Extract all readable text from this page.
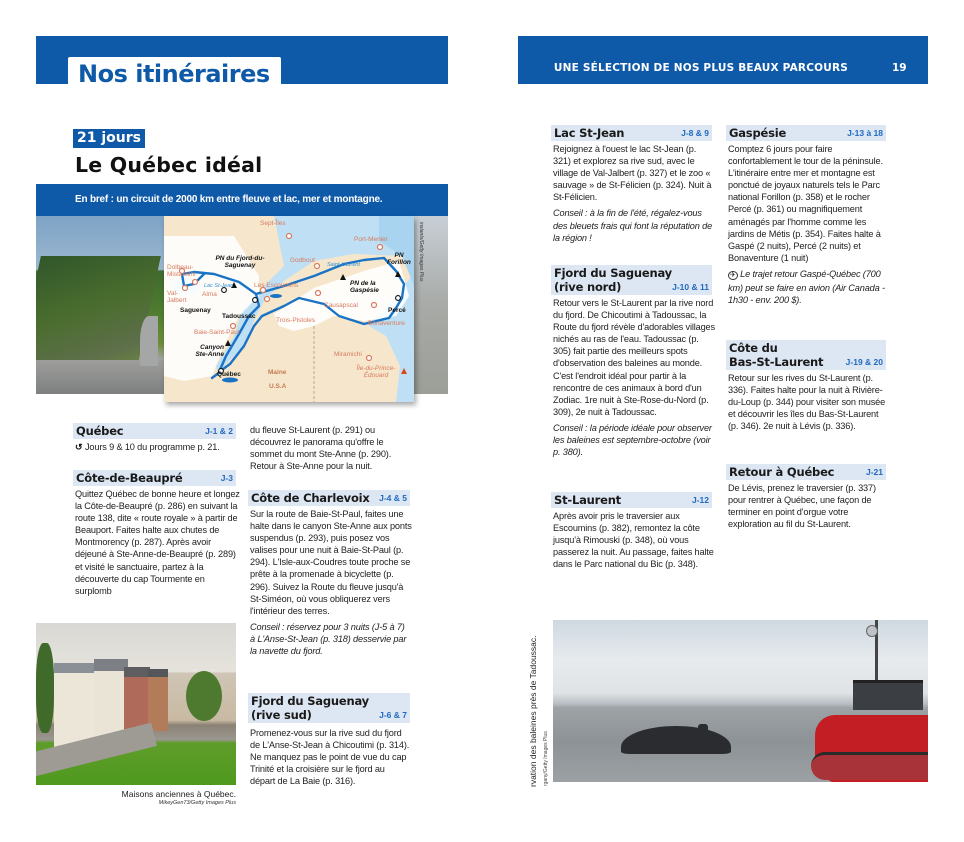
Nos itinéraires
21 jours
Le Québec idéal
En bref : un circuit de 2000 km entre fleuve et lac, mer et montagne.
instants/Getty Images Plus
Sept-Îles
Port-Menier
Godbout
Saint-Laurent
PN Forillon
PN du Fjord-du-Saguenay
Dolbeau-Mistassini
Lac St-Jean
Alma
Val-Jalbert
Les Escoumins	PN de la Gaspésie
Saguenay
Tadoussac
Causapscal
Trois-Pistoles
Percé
Bonaventure
Baie-Saint-Paul
Canyon Ste-Anne	Miramichi
Québec	Maine
U.S.A
Île-du-Prince-Édouard
Québec	J-1 & 2
↺ Jours 9 & 10 du programme p. 21.
Côte-de-Beaupré	J-3
Quittez Québec de bonne heure et longez la Côte-de-Beaupré (p. 286) en suivant la route 138, dite « route royale » à partir de Beauport. Faites halte aux chutes de Montmorency (p. 287). Après avoir déjeuné à Ste-Anne-de-Beaupré (p. 289) et visité le sanctuaire, partez à la découverte du cap Tourmente en surplomb
du fleuve St-Laurent (p. 291) ou découvrez le panorama qu'offre le sommet du mont Ste-Anne (p. 290). Retour à Ste-Anne pour la nuit.
Côte de Charlevoix J-4 & 5
Sur la route de Baie-St-Paul, faites une halte dans le canyon Ste-Anne aux ponts suspendus (p. 293), puis posez vos valises pour une nuit à Baie-St-Paul (p. 294). L'Isle-aux-Coudres toute proche se prête à la promenade à bicyclette (p. 296). Suivez la Route du fleuve jusqu'à St-Siméon, où vous obliquerez vers l'intérieur des terres.
Conseil : réservez pour 3 nuits (J-5 à 7) à L'Anse-St-Jean (p. 318) desservie par la navette du fjord.
Fjord du Saguenay
(rive sud)	J-6 & 7
Promenez-vous sur la rive sud du fjord de L'Anse-St-Jean à Chicoutimi (p. 314). Ne manquez pas le point de vue du cap Trinité et la croisière sur le fjord au départ de La Baie (p. 316).
Maisons anciennes à Québec.
MikeyGen73/Getty Images Plus
UNE SÉLECTION DE NOS PLUS BEAUX PARCOURS	19
Lac St-Jean	J-8 & 9
Rejoignez à l'ouest le lac St-Jean (p. 321) et explorez sa rive sud, avec le village de Val-Jalbert (p. 327) et le zoo « sauvage » de St-Félicien (p. 324). Nuit à St-Félicien.
Conseil : à la fin de l'été, régalez-vous des bleuets frais qui font la réputation de la région !
Fjord du Saguenay
(rive nord)	J-10 & 11
Retour vers le St-Laurent par la rive nord du fjord. De Chicoutimi à Tadoussac, la Route du fjord révèle d'adorables villages nichés au ras de l'eau. Tadoussac (p. 305) fait partie des meilleurs spots d'observation des baleines au monde. C'est l'endroit idéal pour partir à la rencontre de ces animaux à bord d'un Zodiac. 1re nuit à Ste-Rose-du-Nord (p. 309), 2e nuit à Tadoussac.
Conseil : la période idéale pour observer les baleines est septembre-octobre (voir p. 380).
St-Laurent	J-12
Après avoir pris le traversier aux Escoumins (p. 382), remontez la côte jusqu'à Rimouski (p. 348), où vous passerez la nuit. Au passage, faites halte dans le Parc national du Bic (p. 348).
Gaspésie	J-13 à 18
Comptez 6 jours pour faire confortablement le tour de la péninsule. L'itinéraire entre mer et montagne est ponctué de joyaux naturels tels le Parc national Forillon (p. 358) et le rocher Percé (p. 361) ou magnifiquement aménagés par l'homme comme les jardins de Métis (p. 354). Faites halte à Gaspé (2 nuits), Percé (2 nuits) et Bonaventure (1 nuit)
✈ Le trajet retour Gaspé-Québec (700 km) peut se faire en avion (Air Canada - 1h30 - env. 200 $).
Côte du
Bas-St-Laurent	J-19 & 20
Retour sur les rives du St-Laurent (p. 336). Faites halte pour la nuit à Rivière-du-Loup (p. 344) pour visiter son musée et découvrir les îles du Bas-St-Laurent (p. 346). 2e nuit à Lévis (p. 336).
Retour à Québec	J-21
De Lévis, prenez le traversier (p. 337) pour rentrer à Québec, une façon de terminer en point d'orgue votre exploration au fil du St-Laurent.
rvation des baleines près de Tadoussac. rgany/Getty Images Plus
